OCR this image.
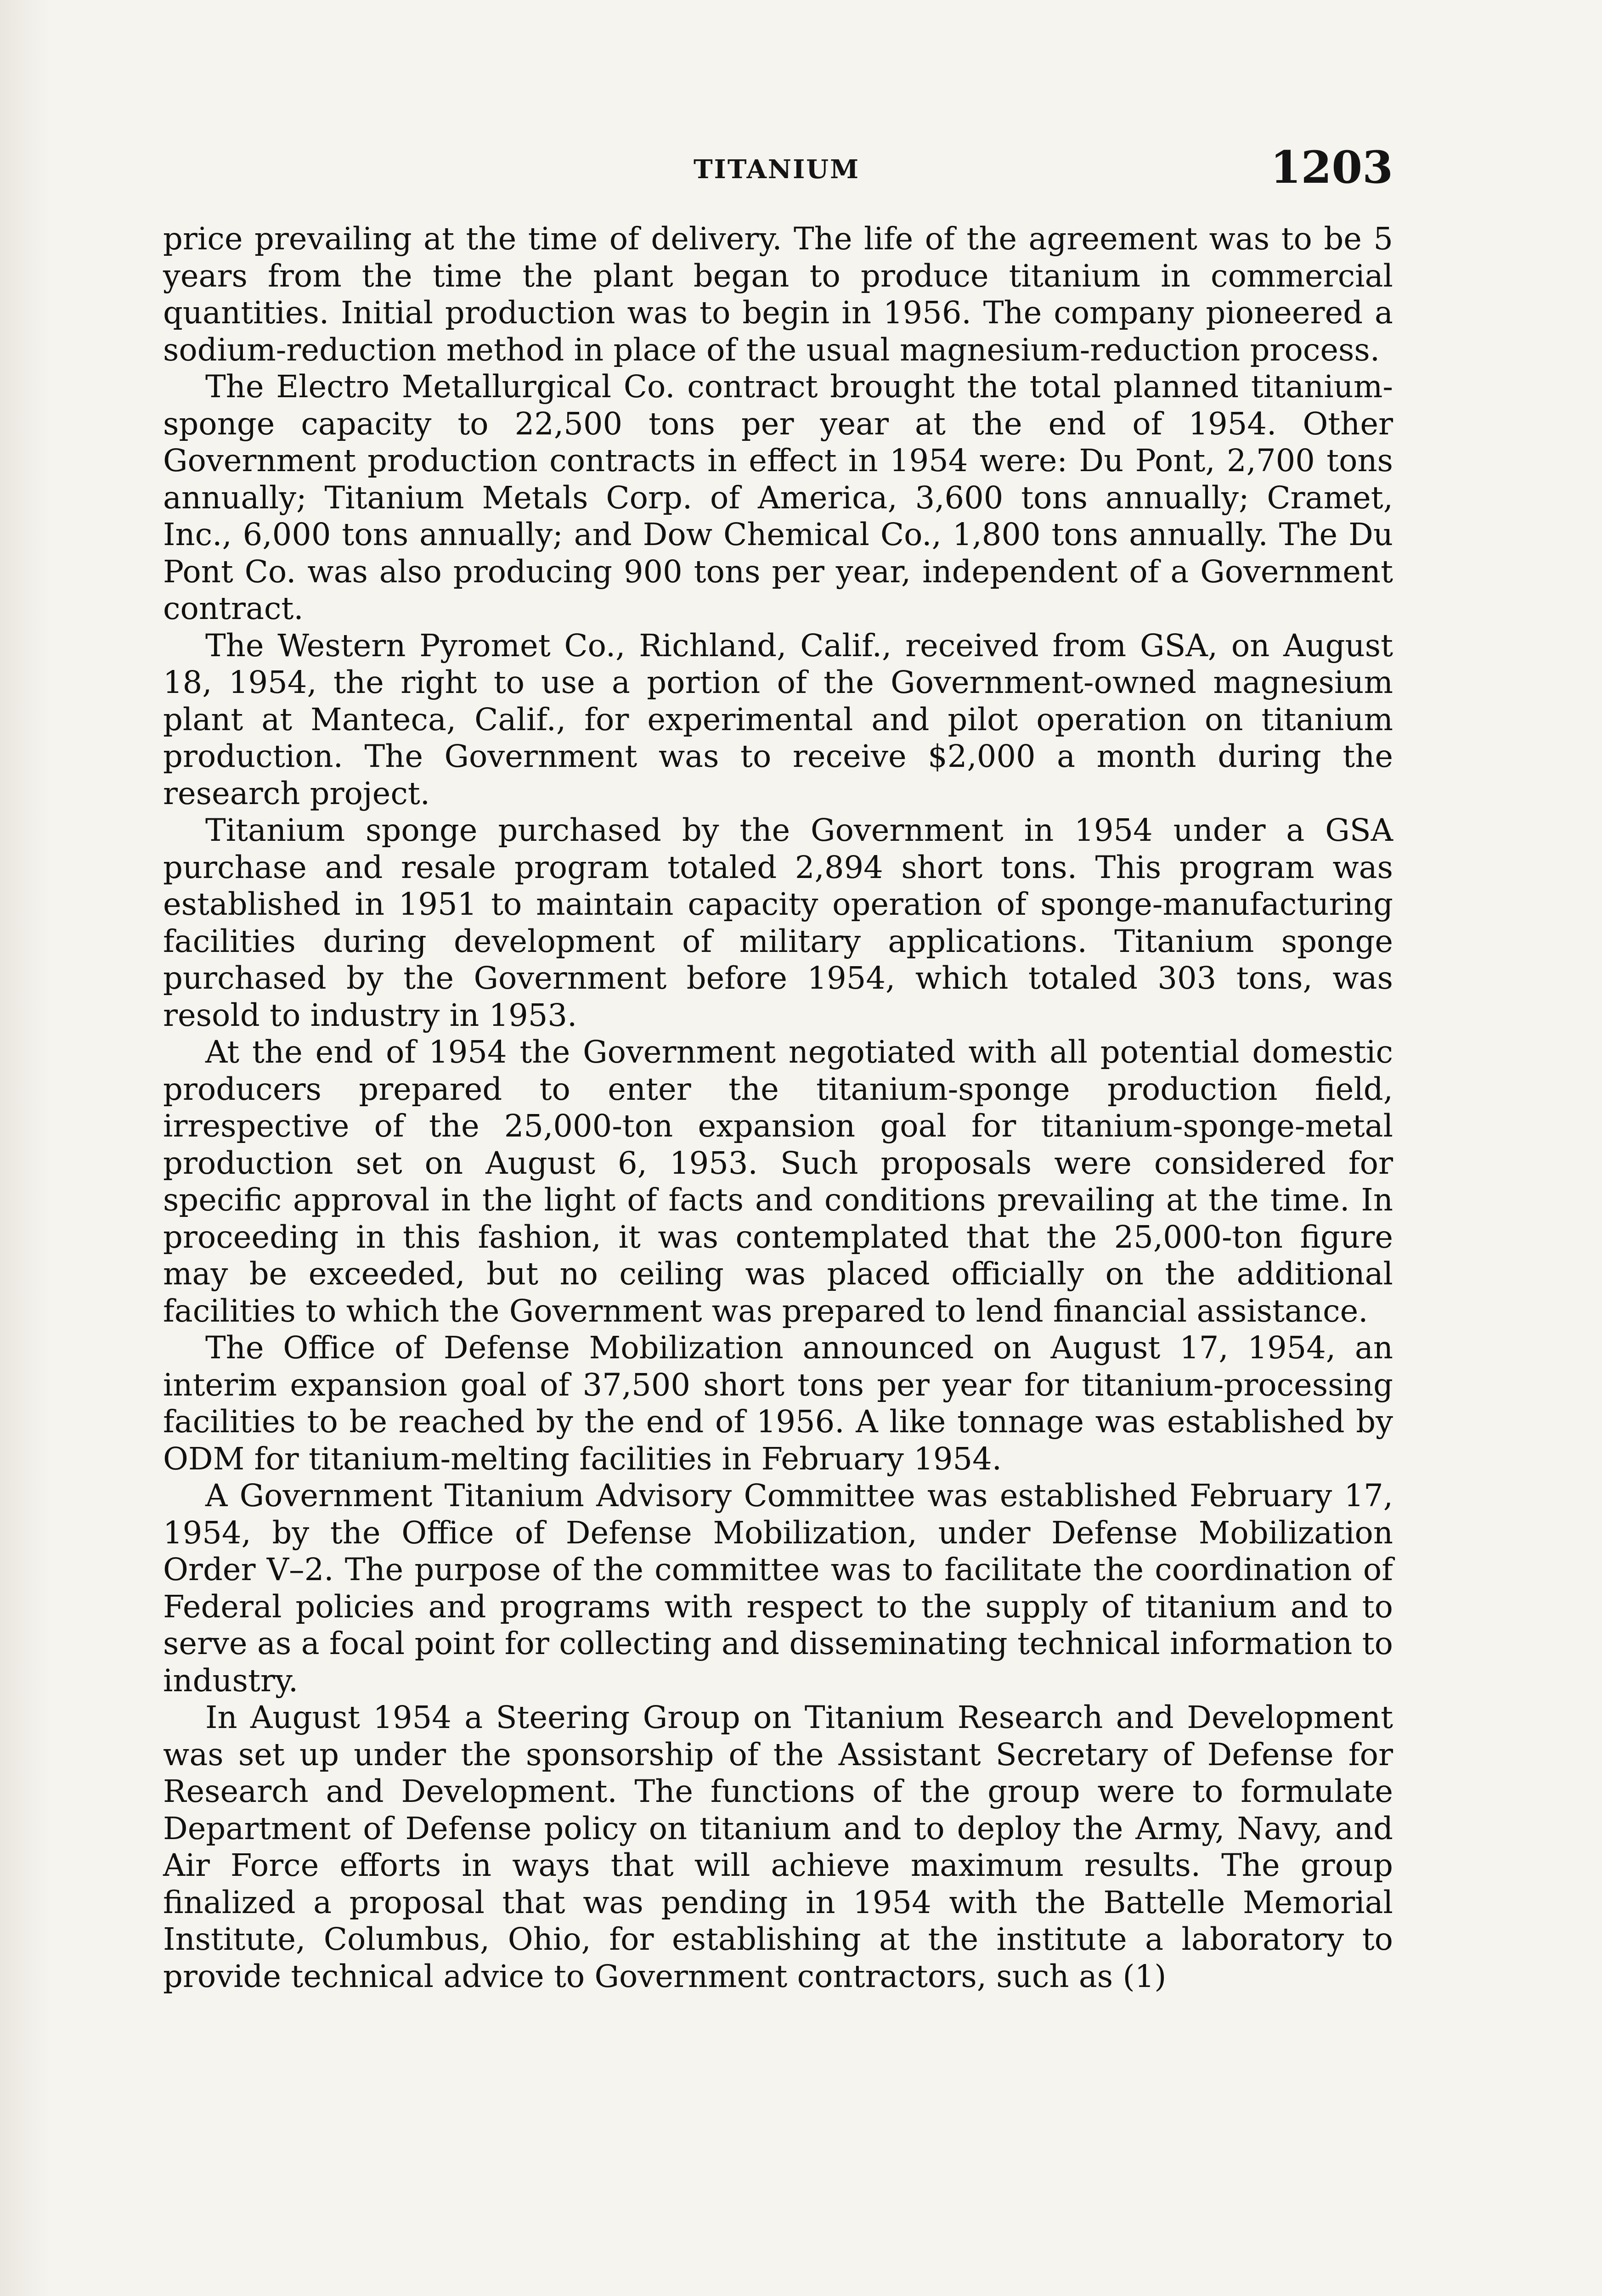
TITANIUM	1203

price prevailing at the time of delivery. The life of the agreement was to be 5 years from the time the plant began to produce titanium in commercial quantities. Initial production was to begin in 1956. The company pioneered a sodium-reduction method in place of the usual magnesium-reduction process.

The Electro Metallurgical Co. contract brought the total planned titanium-sponge capacity to 22,500 tons per year at the end of 1954. Other Government production contracts in effect in 1954 were: Du Pont, 2,700 tons annually; Titanium Metals Corp. of America, 3,600 tons annually; Cramet, Inc., 6,000 tons annually; and Dow Chemical Co., 1,800 tons annually. The Du Pont Co. was also producing 900 tons per year, independent of a Government contract.

The Western Pyromet Co., Richland, Calif., received from GSA, on August 18, 1954, the right to use a portion of the Government-owned magnesium plant at Manteca, Calif., for experimental and pilot operation on titanium production. The Government was to receive $2,000 a month during the research project.

Titanium sponge purchased by the Government in 1954 under a GSA purchase and resale program totaled 2,894 short tons. This program was established in 1951 to maintain capacity operation of sponge-manufacturing facilities during development of military applications. Titanium sponge purchased by the Government before 1954, which totaled 303 tons, was resold to industry in 1953.

At the end of 1954 the Government negotiated with all potential domestic producers prepared to enter the titanium-sponge production field, irrespective of the 25,000-ton expansion goal for titanium-sponge-metal production set on August 6, 1953. Such proposals were considered for specific approval in the light of facts and conditions prevailing at the time. In proceeding in this fashion, it was contemplated that the 25,000-ton figure may be exceeded, but no ceiling was placed officially on the additional facilities to which the Government was prepared to lend financial assistance.

The Office of Defense Mobilization announced on August 17, 1954, an interim expansion goal of 37,500 short tons per year for titanium-processing facilities to be reached by the end of 1956. A like tonnage was established by ODM for titanium-melting facilities in February 1954.

A Government Titanium Advisory Committee was established February 17, 1954, by the Office of Defense Mobilization, under Defense Mobilization Order V–2. The purpose of the committee was to facilitate the coordination of Federal policies and programs with respect to the supply of titanium and to serve as a focal point for collecting and disseminating technical information to industry.

In August 1954 a Steering Group on Titanium Research and Development was set up under the sponsorship of the Assistant Secretary of Defense for Research and Development. The functions of the group were to formulate Department of Defense policy on titanium and to deploy the Army, Navy, and Air Force efforts in ways that will achieve maximum results. The group finalized a proposal that was pending in 1954 with the Battelle Memorial Institute, Columbus, Ohio, for establishing at the institute a laboratory to provide technical advice to Government contractors, such as (1)
